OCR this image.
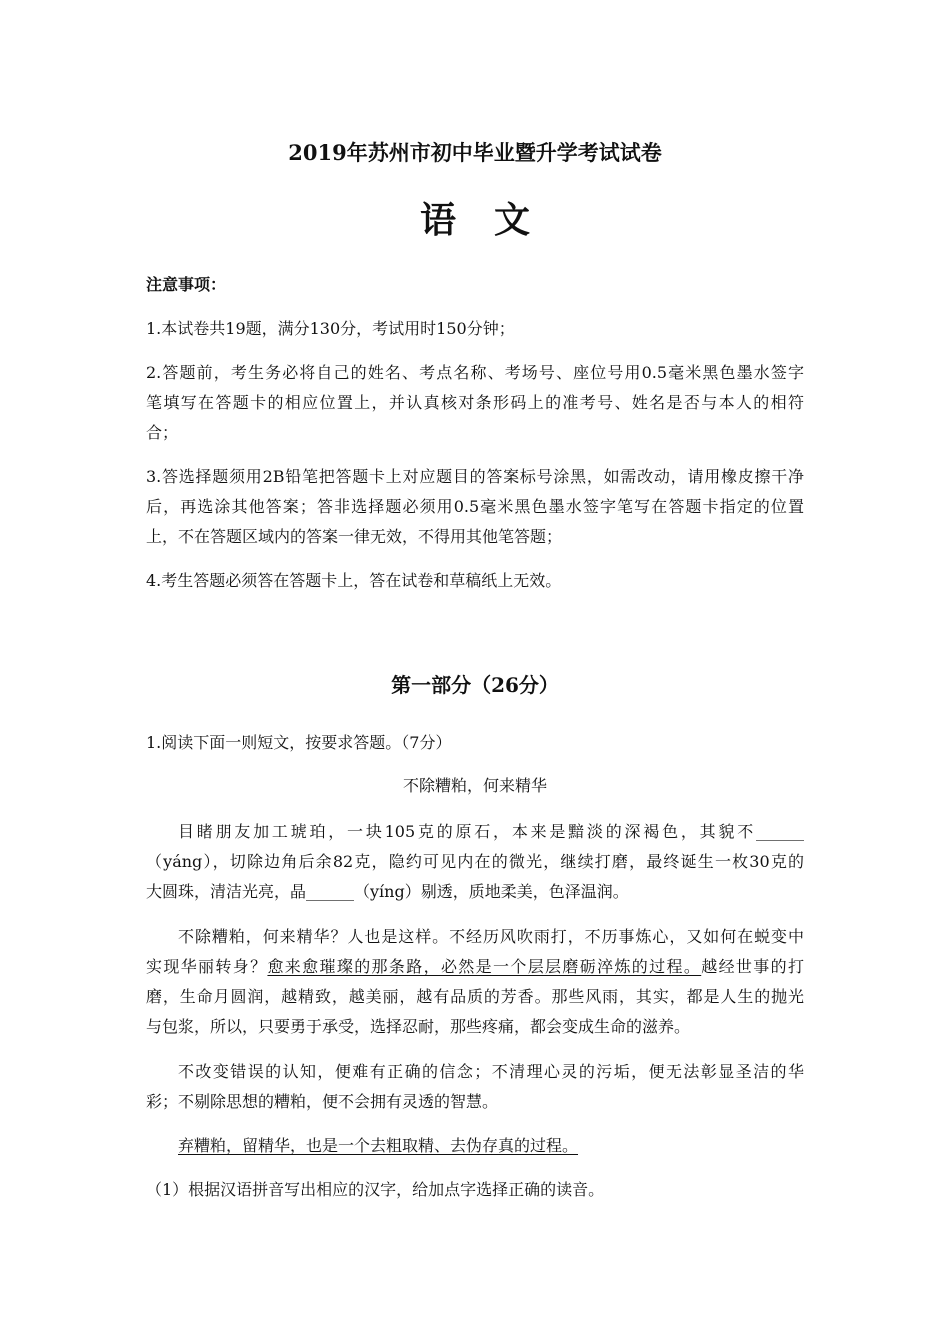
2019年苏州市初中毕业暨升学考试试卷
语文
注意事项：
1.本试卷共19题，满分130分，考试用时150分钟；
2.答题前，考生务必将自己的姓名、考点名称、考场号、座位号用0.5毫米黑色墨水签字
笔填写在答题卡的相应位置上，并认真核对条形码上的准考号、姓名是否与本人的相符
合；
3.答选择题须用2B铅笔把答题卡上对应题目的答案标号涂黑，如需改动，请用橡皮擦干净
后，再选涂其他答案；答非选择题必须用0.5毫米黑色墨水签字笔写在答题卡指定的位置
上，不在答题区域内的答案一律无效，不得用其他笔答题；
4.考生答题必须答在答题卡上，答在试卷和草稿纸上无效。
第一部分（26分）
1.阅读下面一则短文，按要求答题。（7分）
不除糟粕，何来精华
目睹朋友加工琥珀，一块105克的原石，本来是黯淡的深褐色，其貌不______
（yáng），切除边角后余82克，隐约可见内在的微光，继续打磨，最终诞生一枚30克的
大圆珠，清洁光亮，晶______（yíng）剔透，质地柔美，色泽温润。
不除糟粕，何来精华？人也是这样。不经历风吹雨打，不历事炼心，又如何在蜕变中
实现华丽转身？愈来愈璀璨的那条路，必然是一个层层磨砺淬炼的过程。越经世事的打
磨，生命月圆润，越精致，越美丽，越有品质的芳香。那些风雨，其实，都是人生的抛光
与包浆，所以，只要勇于承受，选择忍耐，那些疼痛，都会变成生命的滋养。
不改变错误的认知，便难有正确的信念；不清理心灵的污垢，便无法彰显圣洁的华
彩；不剔除思想的糟粕，便不会拥有灵透的智慧。
弃糟粕，留精华，也是一个去粗取精、去伪存真的过程。
（1）根据汉语拼音写出相应的汉字，给加点字选择正确的读音。
